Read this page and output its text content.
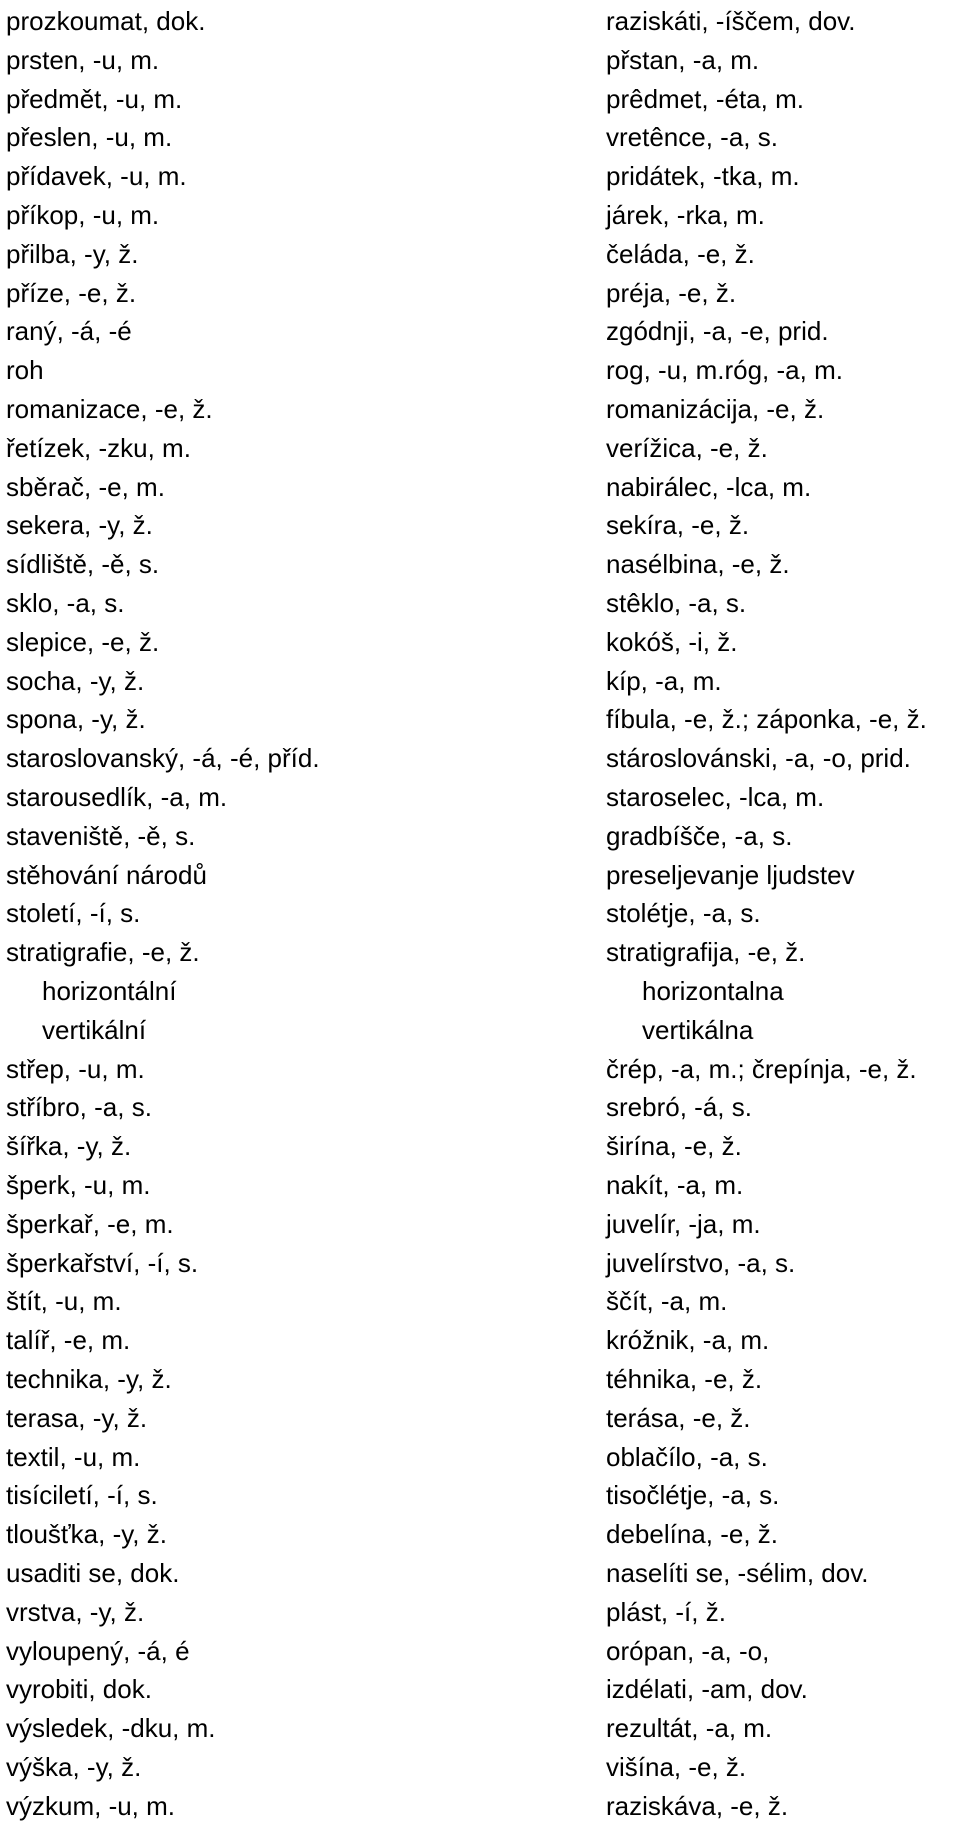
prozkoumat, dok.	raziskáti, -íščem, dov.
prsten, -u, m.	přstan, -a, m.
předmět, -u, m.	prêdmet, -éta, m.
přeslen, -u, m.	vretênce, -a, s.
přídavek, -u, m.	pridátek, -tka, m.
příkop, -u, m.	járek, -rka, m.
přilba, -y, ž.	čeláda, -e, ž.
příze, -e, ž.	préja, -e, ž.
raný, -á, -é	zgódnji, -a, -e, prid.
roh	rog, -u, m.róg, -a, m.
romanizace, -e, ž.	romanizácija, -e, ž.
řetízek, -zku, m.	verížica, -e, ž.
sběrač, -e, m.	nabirálec, -lca, m.
sekera, -y, ž.	sekíra, -e, ž.
sídliště, -ě, s.	nasélbina, -e, ž.
sklo, -a, s.	stêklo, -a, s.
slepice, -e, ž.	kokóš, -i, ž.
socha, -y, ž.	kíp, -a, m.
spona, -y, ž.	fíbula, -e, ž.; záponka, -e, ž.
staroslovanský, -á, -é, příd.	stároslovánski, -a, -o, prid.
starousedlík, -a, m.	staroselec, -lca, m.
staveniště, -ě, s.	gradbíšče, -a, s.
stěhování národů	preseljevanje ljudstev
století, -í, s.	stolétje, -a, s.
stratigrafie, -e, ž.	stratigrafija, -e, ž.
horizontální	horizontalna
vertikální	vertikálna
střep, -u, m.	črép, -a, m.; črepínja, -e, ž.
stříbro, -a, s.	srebró, -á, s.
šířka, -y, ž.	širína, -e, ž.
šperk, -u, m.	nakít, -a, m.
šperkař, -e, m.	juvelír, -ja, m.
šperkařství, -í, s.	juvelírstvo, -a, s.
štít, -u, m.	ščít, -a, m.
talíř, -e, m.	króžnik, -a, m.
technika, -y, ž.	téhnika, -e, ž.
terasa, -y, ž.	terása, -e, ž.
textil, -u, m.	oblačílo, -a, s.
tisíciletí, -í, s.	tisočlétje, -a, s.
tloušťka, -y, ž.	debelína, -e, ž.
usaditi se, dok.	naselíti se, -sélim, dov.
vrstva, -y, ž.	plást, -í, ž.
vyloupený, -á, é	orópan, -a, -o,
vyrobiti, dok.	izdélati, -am, dov.
výsledek, -dku, m.	rezultát, -a, m.
výška, -y, ž.	višína, -e, ž.
výzkum, -u, m.	raziskáva, -e, ž.
